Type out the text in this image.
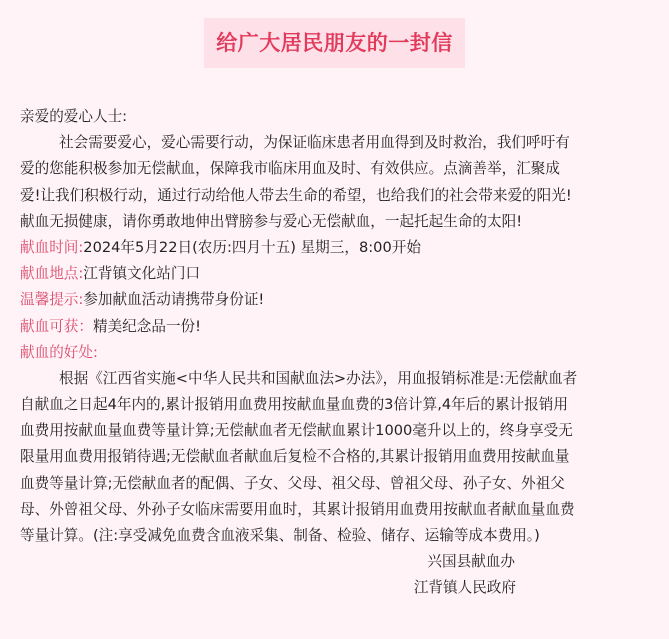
给广大居民朋友的一封信
亲爱的爱心人士:
社会需要爱心，爱心需要行动，为保证临床患者用血得到及时救治，我们呼吁有
爱的您能积极参加无偿献血，保障我市临床用血及时、有效供应。点滴善举，汇聚成
爱!让我们积极行动，通过行动给他人带去生命的希望，也给我们的社会带来爱的阳光!
献血无损健康，请你勇敢地伸出臂膀参与爱心无偿献血，一起托起生命的太阳!
献血时间:2024年5月22日(农历:四月十五) 星期三，8:00开始
献血地点:江背镇文化站门口
温馨提示:参加献血活动请携带身份证!
献血可获：精美纪念品一份!
献血的好处:
根据《江西省实施<中华人民共和国献血法>办法》，用血报销标准是:无偿献血者
自献血之日起4年内的,累计报销用血费用按献血量血费的3倍计算,4年后的累计报销用
血费用按献血量血费等量计算;无偿献血者无偿献血累计1000毫升以上的，终身享受无
限量用血费用报销待遇;无偿献血者献血后复检不合格的,其累计报销用血费用按献血量
血费等量计算;无偿献血者的配偶、子女、父母、祖父母、曾祖父母、孙子女、外祖父
母、外曾祖父母、外孙子女临床需要用血时，其累计报销用血费用按献血者献血量血费
等量计算。(注:享受减免血费含血液采集、制备、检验、储存、运输等成本费用。)
兴国县献血办
江背镇人民政府
